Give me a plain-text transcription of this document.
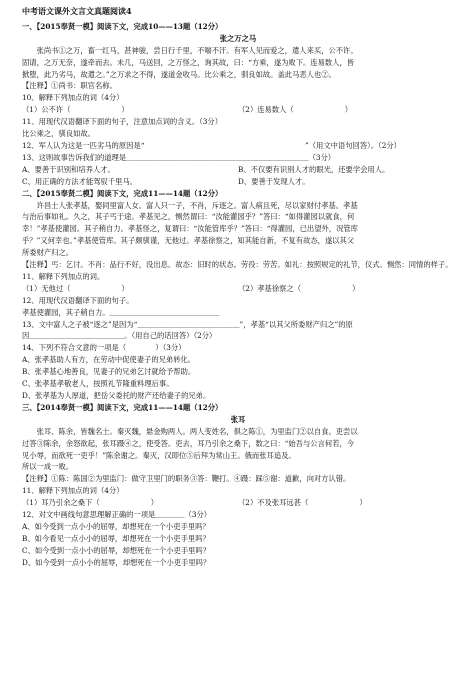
中考语文课外文言文真题阅读4

一、【2015奉贤一模】阅读下文，完成10——13题（12分）

张之万之马

张尚书①之万，畜一红马，甚神骏，尝日行千里，不喘不汗。有军人见而爱之，遣人来买，公不许。

固请，之万无奈，遂牵而去。未几，马送回，之万怪之，询其故，曰：“方乘，遂为败下。连易数人，皆

掀堕，此乃劣马，故遣之。”之万求之不得，遂道金收马。比公乘之，驯良如故。盖此马恶人也②。

【注释】①尚书：职官名称。

10、解释下列加点的词（4分）

（1）公不许（　　　　　　　）	（2）连易数人（　　　　　　　）

11、用现代汉语翻译下面的句子，注意加点词的含义。（3分）

比公乘之，驯良如故。

12、军人认为这是一匹劣马的原因是“　　　　　　　　　　　　　　　　　　　　　　”（用文中语句回答）。（2分）

13、这则故事告诉我们的道理是＿＿＿＿＿＿＿＿＿＿＿＿＿＿＿＿＿＿＿＿＿＿＿＿＿（3分）

A、要善于识别和培养人才。	B、不仅要有识别人才的眼光，还要学会用人。
C、用正确的方法才能驾驭千里马。	D、要善于发现人才。

二、【2015奉贤二模】阅读下文，完成11——14题（12分）

许昌士人张孝基，娶同里富人女。富人只一子，不肖，斥逐之。富人病且死，尽以家财付孝基。孝基

与治后事如礼。久之，其子丐于途。孝基见之，恻然谓曰：“汝能灌园乎？”答曰：“如得灌园以就食，何

幸！”孝基使灌园。其子稍自力。孝基怪之，复谓曰：“汝能管库乎？”答曰：“得灌园，已出望外，况管库

乎？”又何幸也。”孝基使管库。其子颇驯谨，无他过。孝基徐察之，知其能自新，不复有故态，遂以其父

所委财产归之。

【注释】丐：乞讨。不肖：品行不好，没出息。故态：旧时的状态。劳役：劳苦。如礼：按照规定的礼节，仪式。恻然：同情的样子。

11、解释下列加点的词。

（1）无他过（　　　　　　　）	（2）孝基徐察之（　　　　　　　）

12、用现代汉语翻译下面的句子。

孝基使灌园，其子稍自力。＿＿＿＿＿＿＿＿＿＿＿＿＿＿＿

13、文中富人之子被“逐之”是因为“＿＿＿＿＿＿＿＿＿＿＿＿＿＿”，孝基“以其父所委财产归之”的原

因＿＿＿＿＿＿＿＿＿＿＿＿＿。（用自己的话回答）（2分）

14、下列不符合文意的一项是（　　　　）（3分）

A、张孝基助人有方，在劳动中促使妻子的兄弟转化。

B、张孝基心地善良，见妻子的兄弟乞讨就给予帮助。

C、张孝基孝敬老人，按照礼节隆重料理后事。

D、张孝基为人厚道，把岳父委托的财产还给妻子的兄弟。

三、【2014奉贤一模】阅读下文，完成11——14题（12分）

张耳

张耳、陈余，皆魏名士。秦灭魏，悬金购两人。两人变姓名，俱之陈①，为里监门②以自食。吏尝以

过答③陈余，余怒欲起，张耳蹑④之，使受答。吏去，耳乃引余之桑下，数之曰：“始吾与公言何若，今

见小辱，而欲死一吏乎！”陈余谢之。秦灭，汉即位⑤后拜为常山王。俄而张耳追及。

所以一成一败。

【注释】①陈：陈国②为里监门：做守卫里门的职务③答：鞭打。④蹑：踩⑤谢：道歉，向对方认错。

11、解释下列加点的词（4分）

（1）耳乃引余之桑下（　　　　　　　）	（2）不及张耳远甚（　　　　　　　）

12、对文中画线句意思理解正确的一项是＿＿＿＿（3分）

A、如今受到一点小小的屈辱，却想死在一个小吏手里吗？

B、如今看见一点小小的屈辱，却想死在一个小吏手里吗？

C、如今受到一点小小的屈辱，却想死在一个小吏手里吗？

D、如今受到一点小小的屈辱，却想死在一个小吏手里吗？
